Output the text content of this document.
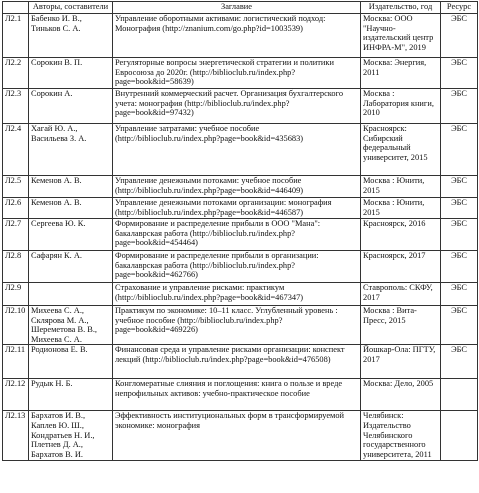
	Авторы, составители	Заглавие	Издательство, год	Ресурс
Л2.1	Бабенко И. В., Тиньков С. А.	Управление оборотными активами: логистический подход: Монография (http://znanium.com/go.php?id=1003539)	Москва: ООО "Научно-издательский центр ИНФРА-М", 2019	ЭБС
Л2.2	Сорокин В. П.	Регуляторные вопросы энергетической стратегии и политики Евросоюза до 2020г. (http://biblioclub.ru/index.php?page=book&id=58639)	Москва: Энергия, 2011	ЭБС
Л2.3	Сорокин А.	Внутренний коммерческий расчет. Организация бухгалтерского учета: монография (http://biblioclub.ru/index.php?page=book&id=97432)	Москва : Лаборатория книги, 2010	ЭБС
Л2.4	Хагай Ю. А., Васильева З. А.	Управление затратами: учебное пособие (http://biblioclub.ru/index.php?page=book&id=435683)	Красноярск: Сибирский федеральный университет, 2015	ЭБС
Л2.5	Кеменов А. В.	Управление денежными потоками: учебное пособие (http://biblioclub.ru/index.php?page=book&id=446409)	Москва : Юнити, 2015	ЭБС
Л2.6	Кеменов А. В.	Управление денежными потоками организации: монография (http://biblioclub.ru/index.php?page=book&id=446587)	Москва : Юнити, 2015	ЭБС
Л2.7	Сергеева Ю. К.	Формирование и распределение прибыли в ООО "Мана": бакалаврская работа (http://biblioclub.ru/index.php?page=book&id=454464)	Красноярск, 2016	ЭБС
Л2.8	Сафарян К. А.	Формирование и распределение прибыли в организации: бакалаврская работа (http://biblioclub.ru/index.php?page=book&id=462766)	Красноярск, 2017	ЭБС
Л2.9		Страхование и управление рисками: практикум (http://biblioclub.ru/index.php?page=book&id=467347)	Ставрополь: СКФУ, 2017	ЭБС
Л2.10	Михеева С. А., Склярова М. А., Шереметова В. В., Михеева С. А.	Практикум по экономике: 10–11 класс. Углубленный уровень : учебное пособие (http://biblioclub.ru/index.php?page=book&id=469226)	Москва : Вита-Пресс, 2015	ЭБС
Л2.11	Родионова Е. В.	Финансовая среда и управление рисками организации: конспект лекций (http://biblioclub.ru/index.php?page=book&id=476508)	Йошкар-Ола: ПГТУ, 2017	ЭБС
Л2.12	Рудык Н. Б.	Конгломератные слияния и поглощения: книга о пользе и вреде непрофильных активов: учебно-практическое пособие	Москва: Дело, 2005	
Л2.13	Бархатов И. В., Каплев Ю. Ш., Кондратьев Н. И., Плетнев Д. А., Бархатов В. И.	Эффективность институциональных форм в трансформируемой экономике: монография	Челябинск: Издательство Челябинского государственного университета, 2011	
